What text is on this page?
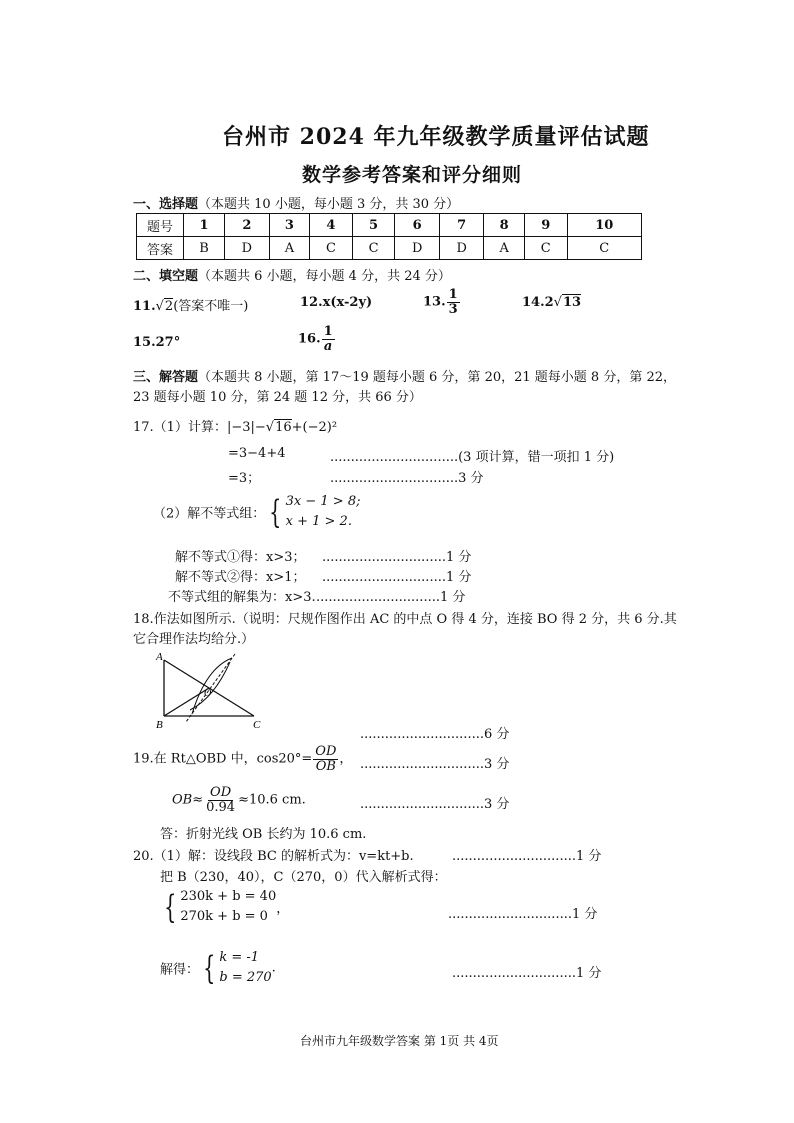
台州市 2024 年九年级教学质量评估试题
数学参考答案和评分细则
一、选择题（本题共 10 小题，每小题 3 分，共 30 分）
题号	1	2	3	4	5	6	7	8	9	10
答案	B	D	A	C	C	D	D	A	C	C
二、填空题（本题共 6 小题，每小题 4 分，共 24 分）
11.√2(答案不唯一)	12.x(x-2y)	13. $\frac{1}{3}$	14.2√13
15.27°	16. $\frac{1}{a}$
三、解答题（本题共 8 小题，第 17～19 题每小题 6 分，第 20，21 题每小题 8 分，第 22，
23 题每小题 10 分，第 24 题 12 分，共 66 分）
17.（1）计算：|−3|−√16+(−2)²
=3−4+4	...............................(3 项计算，错一项扣 1 分)
=3；	...............................3 分
（2）解不等式组： { 3x − 1 > 8;
x + 1 > 2.
解不等式①得：x>3； ..............................1 分
解不等式②得：x>1； ..............................1 分
不等式组的解集为：x>3. ..............................1 分
18.作法如图所示.（说明：尺规作图作出 AC 的中点 O 得 4 分，连接 BO 得 2 分，共 6 分.其
它合理作法均给分.）
A
B	C
O
..............................6 分
19.在 Rt△OBD 中，$\cos 20^\circ= \frac{OD}{OB}$ ， ..............................3 分
$OB\approx \frac{OD}{0.94} \approx 10.6$ cm.	..............................3 分
答：折射光线 OB 长约为 10.6 cm.
20.（1）解：设线段 BC 的解析式为：v=kt+b.	..............................1 分
把 B（230，40），C（270，0）代入解析式得：
{ 230k + b = 40
270k + b = 0 ，	..............................1 分
解得： { k = -1
b = 270
.	..............................1 分
台州市九年级数学答案 第 1页 共 4页
